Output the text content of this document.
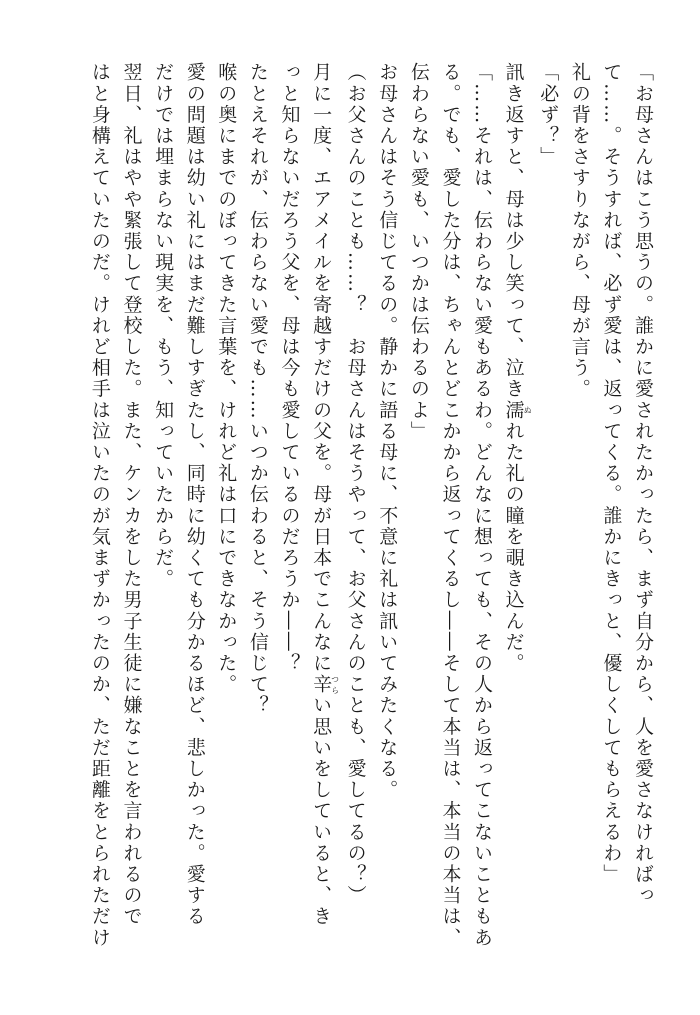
「お母さんはこう思うの。誰かに愛されたかったら、まず自分から、人を愛さなければっ
て……。そうすれば、必ず愛は、返ってくる。誰かにきっと、優しくしてもらえるわ」
礼の背をさすりながら、母が言う。
「必ず？」
訊き返すと、母は少し笑って、泣き濡ぬれた礼の瞳を覗き込んだ。
「……それは、伝わらない愛もあるわ。どんなに想っても、その人から返ってこないこともあ
る。でも、愛した分は、ちゃんとどこかから返ってくるし――そして本当は、本当の本当は、
伝わらない愛も、いつかは伝わるのよ」
お母さんはそう信じてるの。静かに語る母に、不意に礼は訊いてみたくなる。
（お父さんのことも……？　お母さんはそうやって、お父さんのことも、愛してるの？）
月に一度、エアメイルを寄越すだけの父を。母が日本でこんなに辛つらい思いをしていると、き
っと知らないだろう父を、母は今も愛しているのだろうか――？
たとえそれが、伝わらない愛でも……いつか伝わると、そう信じて？
喉の奥にまでのぼってきた言葉を、けれど礼は口にできなかった。
愛の問題は幼い礼にはまだ難しすぎたし、同時に幼くても分かるほど、悲しかった。愛する
だけでは埋まらない現実を、もう、知っていたからだ。
翌日、礼はやや緊張して登校した。また、ケンカをした男子生徒に嫌なことを言われるので
はと身構えていたのだ。けれど相手は泣いたのが気まずかったのか、ただ距離をとられただけ
